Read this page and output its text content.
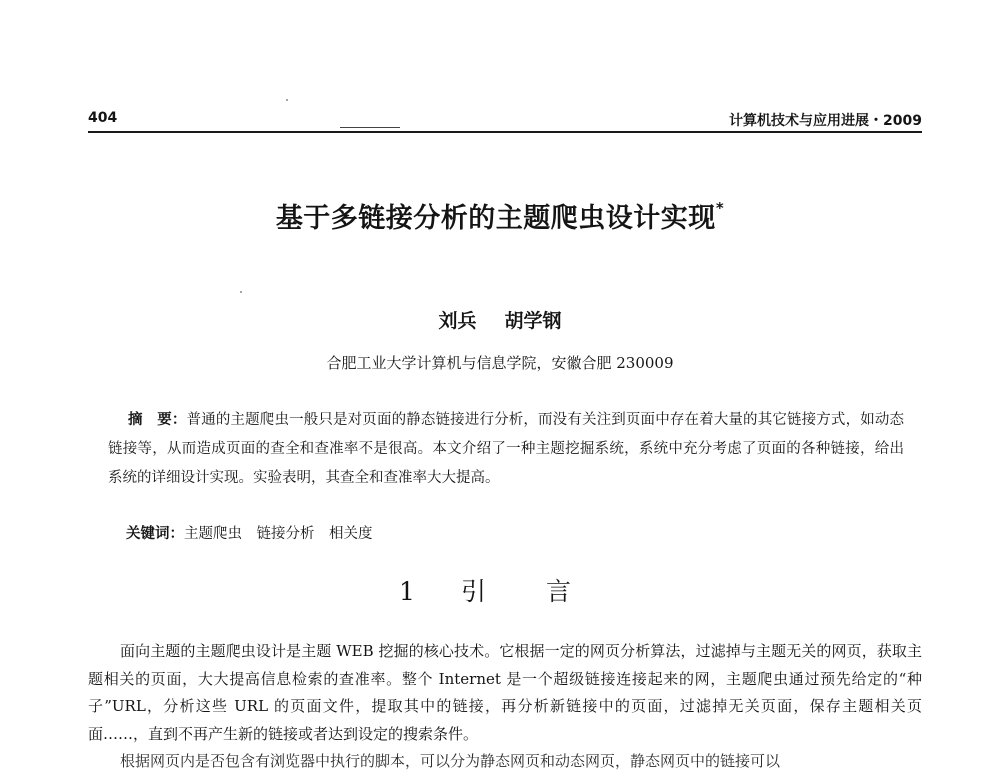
404	计算机技术与应用进展・2009
基于多链接分析的主题爬虫设计实现*
刘兵 胡学钢
合肥工业大学计算机与信息学院，安徽合肥 230009
摘　要：普通的主题爬虫一般只是对页面的静态链接进行分析，而没有关注到页面中存在着大量的其它链接方式，如动态链接等，从而造成页面的查全和查准率不是很高。本文介绍了一种主题挖掘系统，系统中充分考虑了页面的各种链接，给出系统的详细设计实现。实验表明，其查全和查准率大大提高。
关键词：主题爬虫　链接分析　相关度
1 引 言

面向主题的主题爬虫设计是主题 WEB 挖掘的核心技术。它根据一定的网页分析算法，过滤掉与主题无关的网页，获取主题相关的页面，大大提高信息检索的查准率。整个 Internet 是一个超级链接连接起来的网，主题爬虫通过预先给定的“种子”URL，分析这些 URL 的页面文件，提取其中的链接，再分析新链接中的页面，过滤掉无关页面，保存主题相关页面……，直到不再产生新的链接或者达到设定的搜索条件。

根据网页内是否包含有浏览器中执行的脚本，可以分为静态网页和动态网页，静态网页中的链接可以
